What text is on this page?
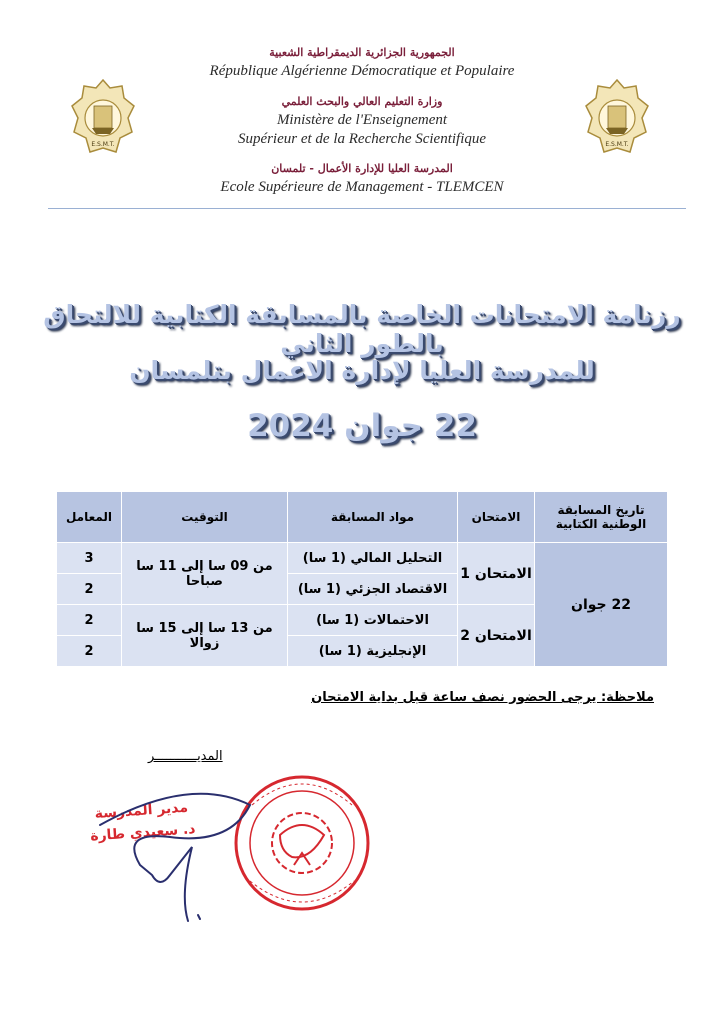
E.S.M.T.	E.S.M.T.
الجمهورية الجزائرية الديمقراطية الشعبية
République Algérienne Démocratique et Populaire
وزارة التعليم العالي والبحث العلمي
Ministère de l'Enseignement
Supérieur et de la Recherche Scientifique
المدرسة العليا للإدارة الأعمال - تلمسان
Ecole Supérieure de Management - TLEMCEN
رزنامة الامتحانات الخاصة بالمسابقة الكتابية للالتحاق بالطور الثاني
للمدرسة العليا لإدارة الاعمال بتلمسان
22 جوان 2024
تاريخ المسابقة الوطنية الكتابية	الامتحان	مواد المسابقة	التوقيت	المعامل
22 جوان	الامتحان 1	التحليل المالي (1 سا)	من 09 سا إلى 11 سا صباحا	3
		الاقتصاد الجزئي (1 سا)		2
	الامتحان 2	الاحتمالات (1 سا)	من 13 سا إلى 15 سا زوالا	2
		الإنجليزية (1 سا)		2
ملاحظة: يرجى الحضور نصف ساعة قبل بداية الامتحان
المديـــــــــــر
مدير المدرسة
د. سعيدي طارة
